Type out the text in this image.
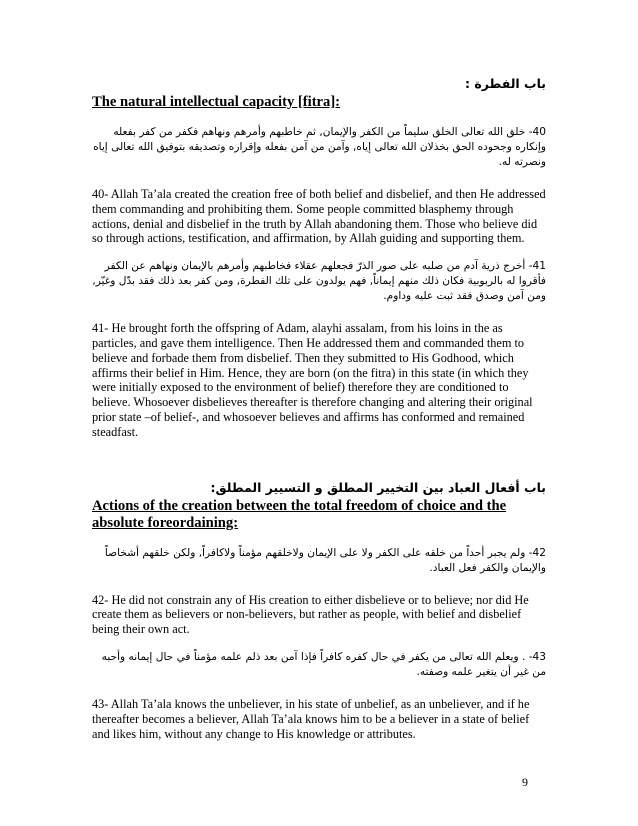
باب الفطرة :

The natural intellectual capacity [fitra]:

40- خلق الله تعالى الخلق سليماً من الكفر والإيمان, ثم خاطبهم وأمرهم ونهاهم فكفر من كفر بفعله وإنكاره وجحوده الحق بخذلان الله تعالى إياه, وآمن من آمن بفعله وإقراره وتصديقه بتوفيق الله تعالى إياه ونصرته له.

40- Allah Ta’ala created the creation free of both belief and disbelief, and then He addressed them commanding and prohibiting them. Some people committed blasphemy through actions, denial and disbelief in the truth by Allah abandoning them. Those who believe did so through actions, testification, and affirmation, by Allah guiding and supporting them.

41- أخرج ذرية آدم من صلبه على صور الذرّ فجعلهم عقلاء فخاطبهم وأمرهم بالإيمان ونهاهم عن الكفر فأقروا له بالربوبية فكان ذلك منهم إيماناً, فهم يولدون على تلك الفطرة, ومن كفر بعد ذلك فقد بدّل وغيّر, ومن آمن وصدق فقد ثبت عليه وداوم.

41- He brought forth the offspring of Adam, alayhi assalam, from his loins in the as particles, and gave them intelligence. Then He addressed them and commanded them to believe and forbade them from disbelief. Then they submitted to His Godhood, which affirms their belief in Him. Hence, they are born (on the fitra) in this state (in which they were initially exposed to the environment of belief) therefore they are conditioned to believe. Whosoever disbelieves thereafter is therefore changing and altering their original prior state –of belief-, and whosoever believes and affirms has conformed and remained steadfast.

باب أفعال العباد بين التخيير المطلق و التسيير المطلق:

Actions of the creation between the total freedom of choice and the absolute foreordaining:

42- ولم يجبر أحداً من خلقه على الكفر ولا على الإيمان ولاخلقهم مؤمناً ولاكافراً, ولكن خلقهم أشخاصاً والإيمان والكفر فعل العباد.

42- He did not constrain any of His creation to either disbelieve or to believe; nor did He create them as believers or non-believers, but rather as people, with belief and disbelief being their own act.

43- . ويعلم الله تعالى من يكفر في حال كفره كافراً فإذا آمن بعد ذلم علمه مؤمناً في حال إيمانه وأحبه من غير أن يتغير علمه وصفته.

43- Allah Ta’ala knows the unbeliever, in his state of unbelief, as an unbeliever, and if he thereafter becomes a believer, Allah Ta’ala knows him to be a believer in a state of belief and likes him, without any change to His knowledge or attributes.

9
